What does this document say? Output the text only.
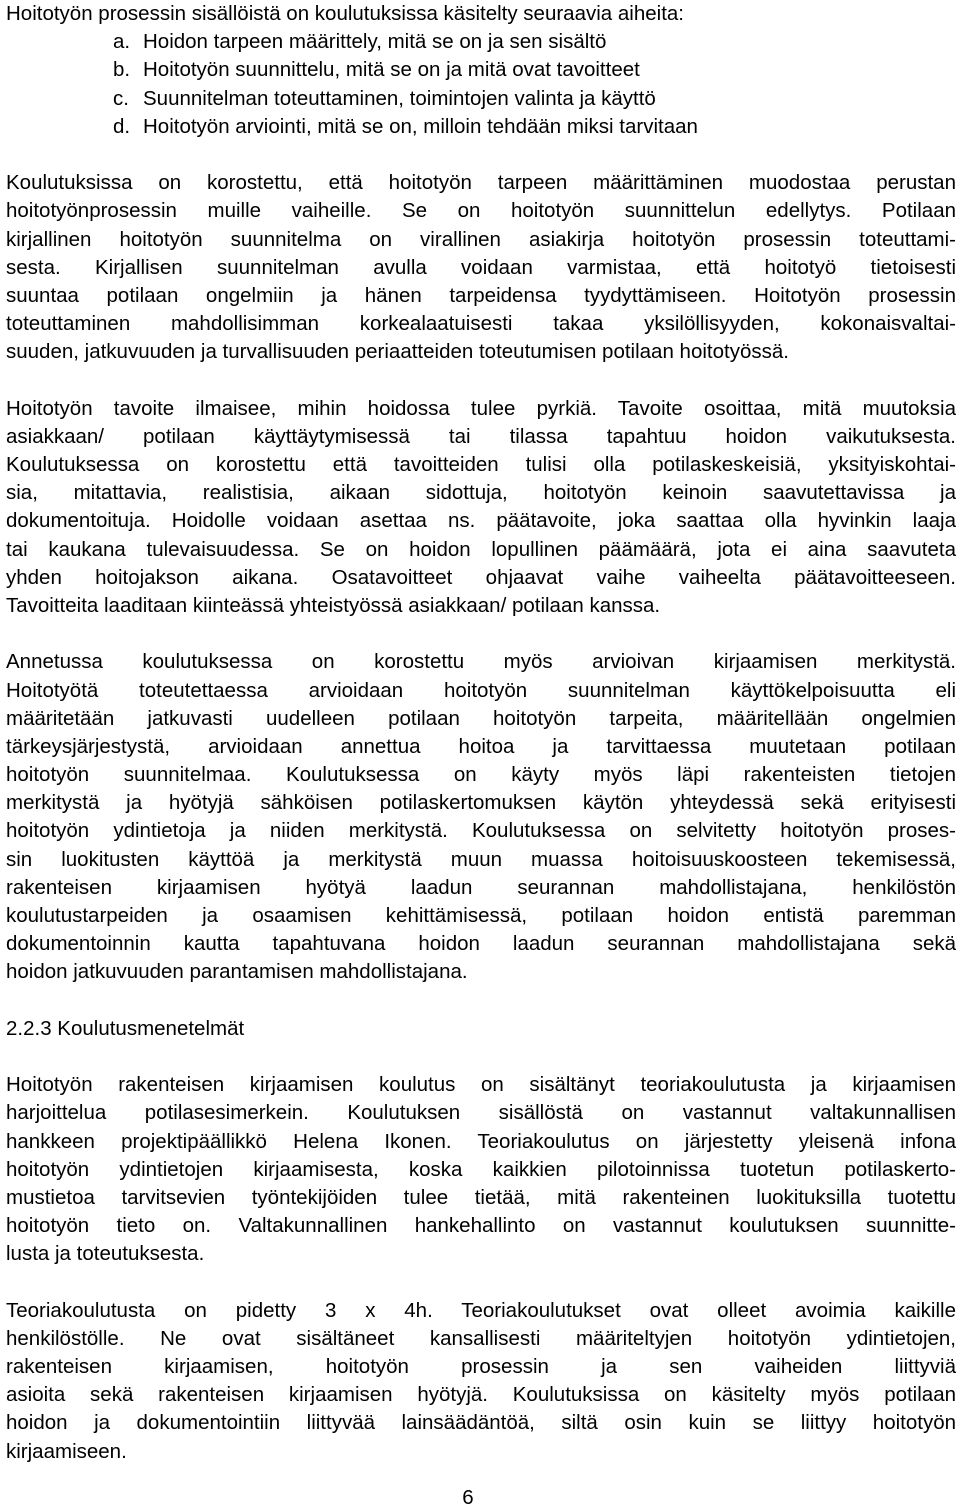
Hoitotyön prosessin sisällöistä on koulutuksissa käsitelty seuraavia aiheita:
a. Hoidon tarpeen määrittely, mitä se on ja sen sisältö
b. Hoitotyön suunnittelu, mitä se on ja mitä ovat tavoitteet
c. Suunnitelman toteuttaminen, toimintojen valinta ja käyttö
d. Hoitotyön arviointi, mitä se on, milloin tehdään miksi tarvitaan
Koulutuksissa on korostettu, että hoitotyön tarpeen määrittäminen muodostaa perustan
hoitotyönprosessin muille vaiheille. Se on hoitotyön suunnittelun edellytys. Potilaan
kirjallinen hoitotyön suunnitelma on virallinen asiakirja hoitotyön prosessin toteuttami-
sesta. Kirjallisen suunnitelman avulla voidaan varmistaa, että hoitotyö tietoisesti
suuntaa potilaan ongelmiin ja hänen tarpeidensa tyydyttämiseen. Hoitotyön prosessin
toteuttaminen mahdollisimman korkealaatuisesti takaa yksilöllisyyden, kokonaisvaltai-
suuden, jatkuvuuden ja turvallisuuden periaatteiden toteutumisen potilaan hoitotyössä.
Hoitotyön tavoite ilmaisee, mihin hoidossa tulee pyrkiä. Tavoite osoittaa, mitä muutoksia
asiakkaan/ potilaan käyttäytymisessä tai tilassa tapahtuu hoidon vaikutuksesta.
Koulutuksessa on korostettu että tavoitteiden tulisi olla potilaskeskeisiä, yksityiskohtai-
sia, mitattavia, realistisia, aikaan sidottuja, hoitotyön keinoin saavutettavissa ja
dokumentoituja. Hoidolle voidaan asettaa ns. päätavoite, joka saattaa olla hyvinkin laaja
tai kaukana tulevaisuudessa. Se on hoidon lopullinen päämäärä, jota ei aina saavuteta
yhden hoitojakson aikana. Osatavoitteet ohjaavat vaihe vaiheelta päätavoitteeseen.
Tavoitteita laaditaan kiinteässä yhteistyössä asiakkaan/ potilaan kanssa.
Annetussa koulutuksessa on korostettu myös arvioivan kirjaamisen merkitystä.
Hoitotyötä toteutettaessa arvioidaan hoitotyön suunnitelman käyttökelpoisuutta eli
määritetään jatkuvasti uudelleen potilaan hoitotyön tarpeita, määritellään ongelmien
tärkeysjärjestystä, arvioidaan annettua hoitoa ja tarvittaessa muutetaan potilaan
hoitotyön suunnitelmaa. Koulutuksessa on käyty myös läpi rakenteisten tietojen
merkitystä ja hyötyjä sähköisen potilaskertomuksen käytön yhteydessä sekä erityisesti
hoitotyön ydintietoja ja niiden merkitystä. Koulutuksessa on selvitetty hoitotyön proses-
sin luokitusten käyttöä ja merkitystä muun muassa hoitoisuuskoosteen tekemisessä,
rakenteisen kirjaamisen hyötyä laadun seurannan mahdollistajana, henkilöstön
koulutustarpeiden ja osaamisen kehittämisessä, potilaan hoidon entistä paremman
dokumentoinnin kautta tapahtuvana hoidon laadun seurannan mahdollistajana sekä
hoidon jatkuvuuden parantamisen mahdollistajana.
2.2.3 Koulutusmenetelmät
Hoitotyön rakenteisen kirjaamisen koulutus on sisältänyt teoriakoulutusta ja kirjaamisen
harjoittelua potilasesimerkein. Koulutuksen sisällöstä on vastannut valtakunnallisen
hankkeen projektipäällikkö Helena Ikonen. Teoriakoulutus on järjestetty yleisenä infona
hoitotyön ydintietojen kirjaamisesta, koska kaikkien pilotoinnissa tuotetun potilaskerto-
mustietoa tarvitsevien työntekijöiden tulee tietää, mitä rakenteinen luokituksilla tuotettu
hoitotyön tieto on. Valtakunnallinen hankehallinto on vastannut koulutuksen suunnitte-
lusta ja toteutuksesta.
Teoriakoulutusta on pidetty 3 x 4h. Teoriakoulutukset ovat olleet avoimia kaikille
henkilöstölle. Ne ovat sisältäneet kansallisesti määriteltyjen hoitotyön ydintietojen,
rakenteisen kirjaamisen, hoitotyön prosessin ja sen vaiheiden liittyviä
asioita sekä rakenteisen kirjaamisen hyötyjä. Koulutuksissa on käsitelty myös potilaan
hoidon ja dokumentointiin liittyvää lainsäädäntöä, siltä osin kuin se liittyy hoitotyön
kirjaamiseen.
6
